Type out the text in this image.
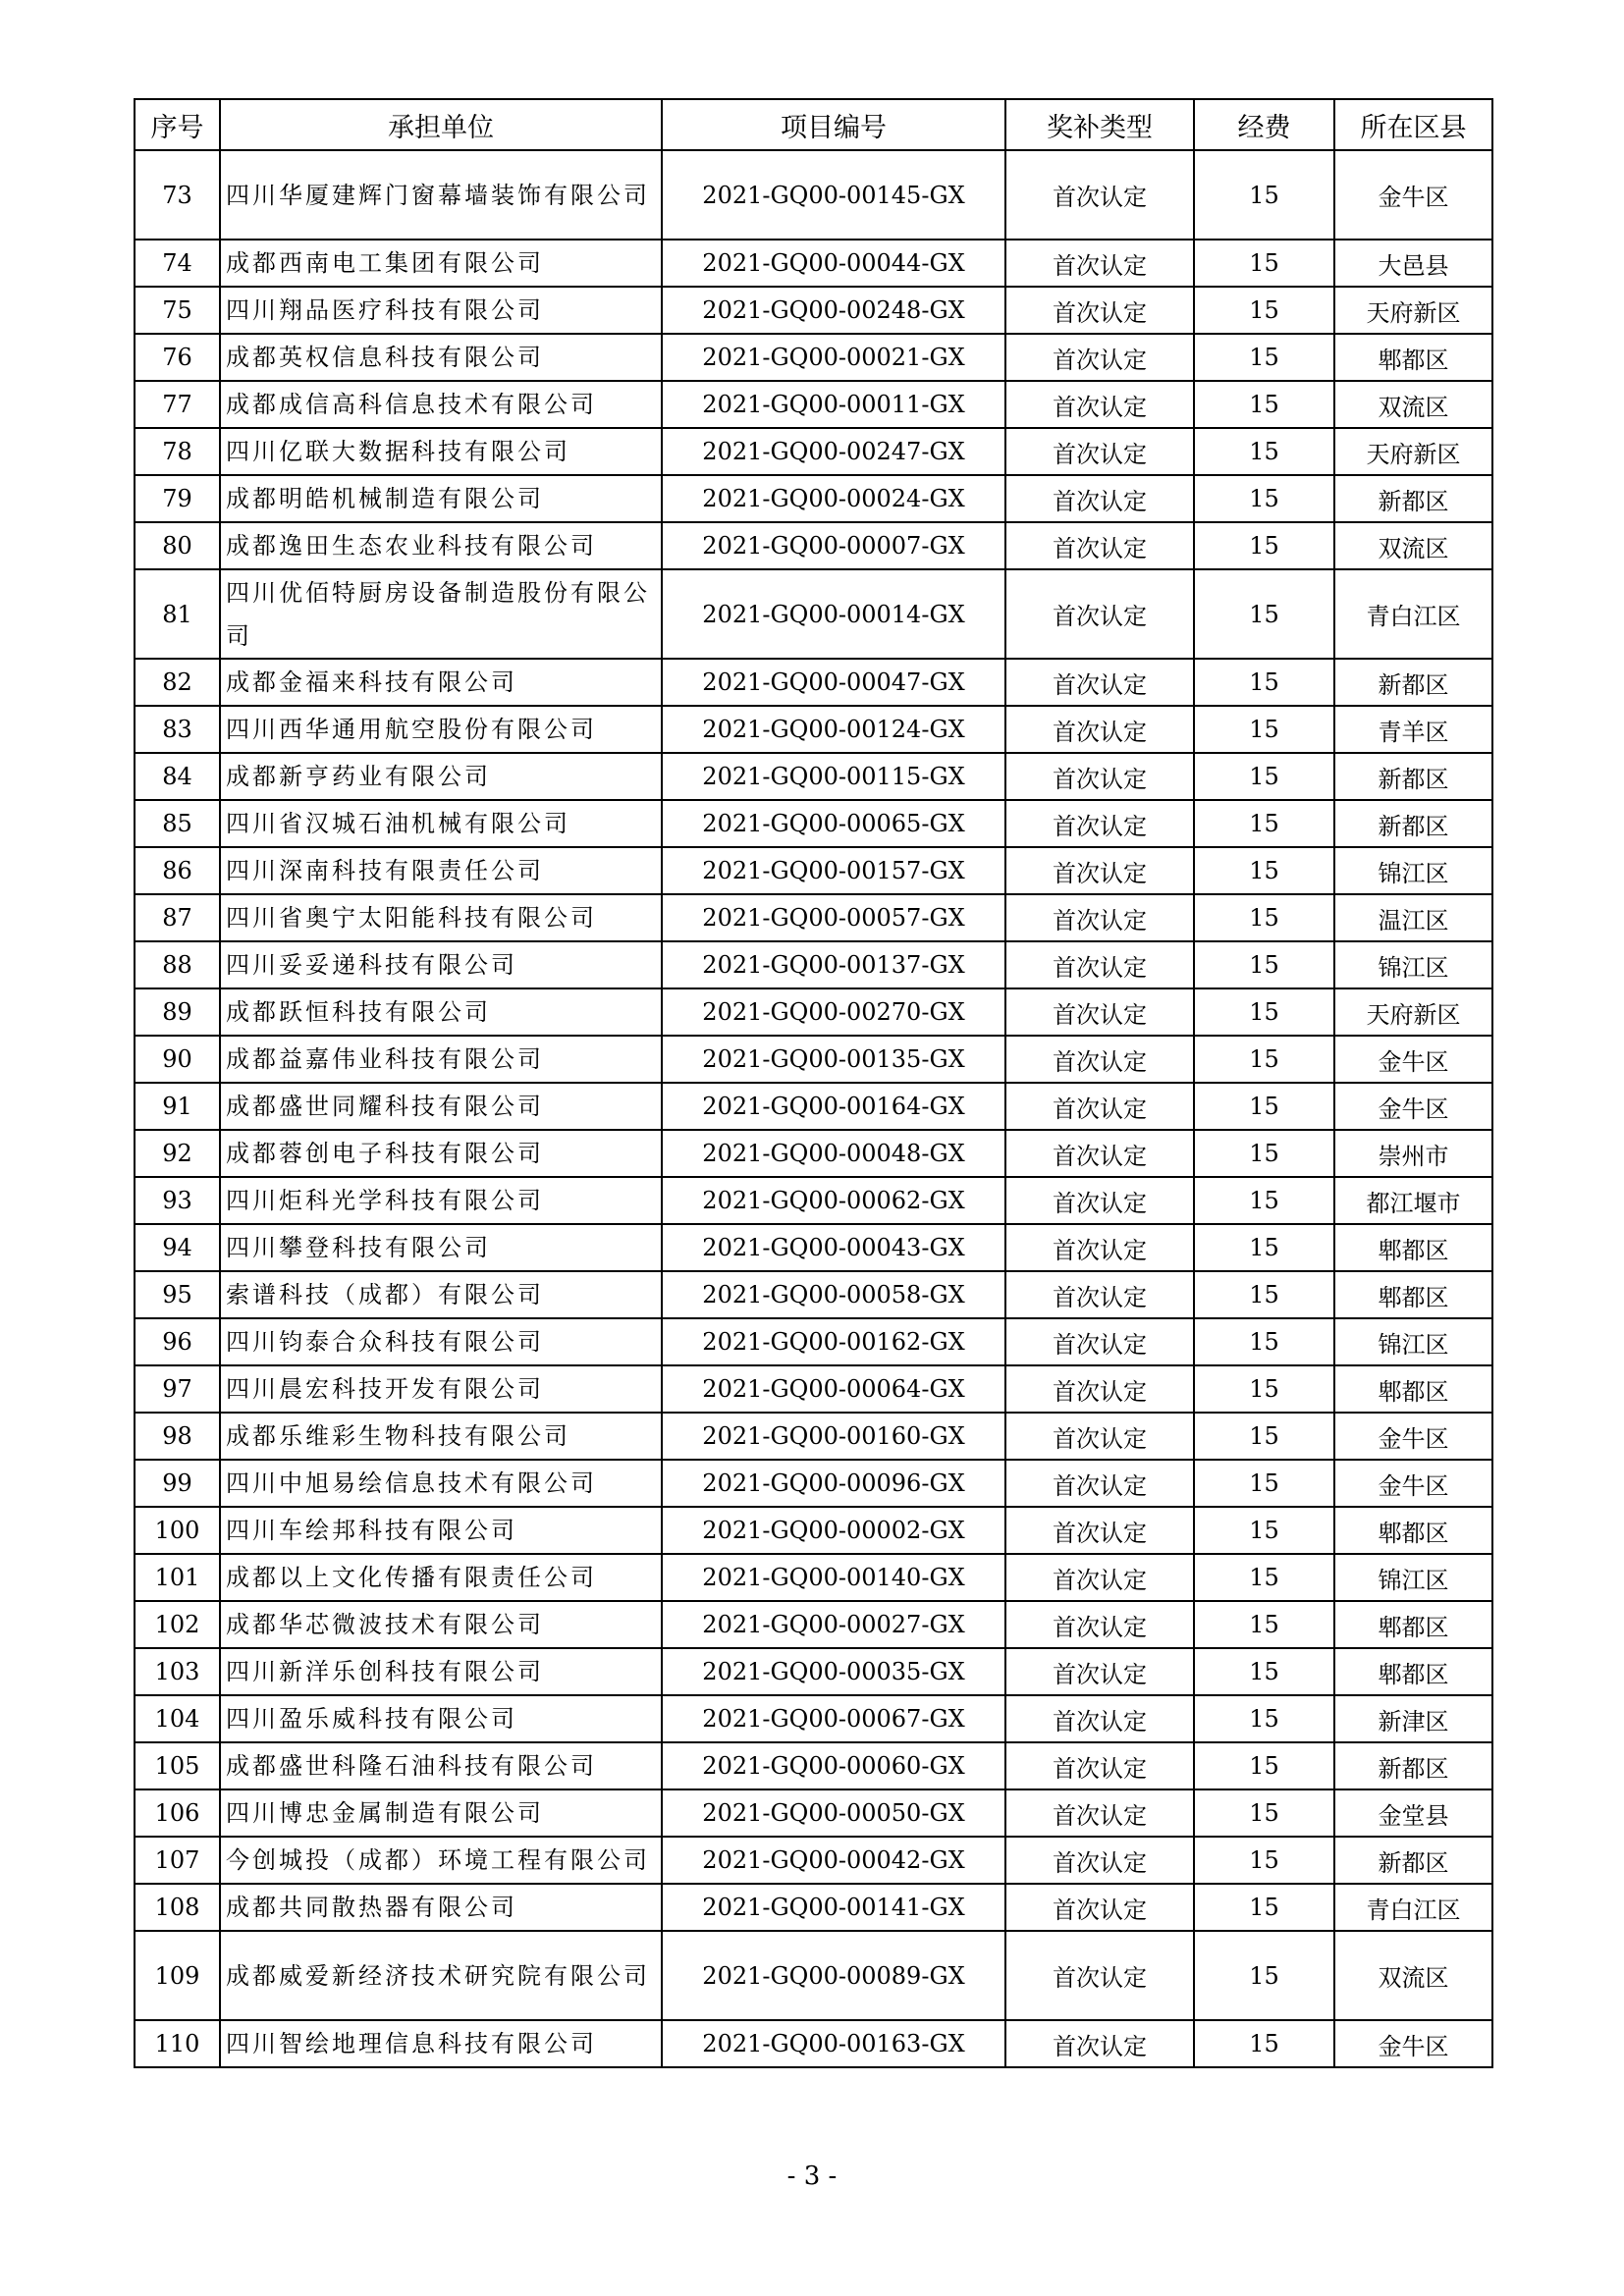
序号	承担单位	项目编号	奖补类型	经费	所在区县
73	四川华厦建辉门窗幕墙装饰有限公司	2021-GQ00-00145-GX	首次认定	15	金牛区
74	成都西南电工集团有限公司	2021-GQ00-00044-GX	首次认定	15	大邑县
75	四川翔品医疗科技有限公司	2021-GQ00-00248-GX	首次认定	15	天府新区
76	成都英权信息科技有限公司	2021-GQ00-00021-GX	首次认定	15	郫都区
77	成都成信高科信息技术有限公司	2021-GQ00-00011-GX	首次认定	15	双流区
78	四川亿联大数据科技有限公司	2021-GQ00-00247-GX	首次认定	15	天府新区
79	成都明皓机械制造有限公司	2021-GQ00-00024-GX	首次认定	15	新都区
80	成都逸田生态农业科技有限公司	2021-GQ00-00007-GX	首次认定	15	双流区
81	四川优佰特厨房设备制造股份有限公司	2021-GQ00-00014-GX	首次认定	15	青白江区
82	成都金福来科技有限公司	2021-GQ00-00047-GX	首次认定	15	新都区
83	四川西华通用航空股份有限公司	2021-GQ00-00124-GX	首次认定	15	青羊区
84	成都新亨药业有限公司	2021-GQ00-00115-GX	首次认定	15	新都区
85	四川省汉城石油机械有限公司	2021-GQ00-00065-GX	首次认定	15	新都区
86	四川深南科技有限责任公司	2021-GQ00-00157-GX	首次认定	15	锦江区
87	四川省奥宁太阳能科技有限公司	2021-GQ00-00057-GX	首次认定	15	温江区
88	四川妥妥递科技有限公司	2021-GQ00-00137-GX	首次认定	15	锦江区
89	成都跃恒科技有限公司	2021-GQ00-00270-GX	首次认定	15	天府新区
90	成都益嘉伟业科技有限公司	2021-GQ00-00135-GX	首次认定	15	金牛区
91	成都盛世同耀科技有限公司	2021-GQ00-00164-GX	首次认定	15	金牛区
92	成都蓉创电子科技有限公司	2021-GQ00-00048-GX	首次认定	15	崇州市
93	四川炬科光学科技有限公司	2021-GQ00-00062-GX	首次认定	15	都江堰市
94	四川攀登科技有限公司	2021-GQ00-00043-GX	首次认定	15	郫都区
95	索谱科技（成都）有限公司	2021-GQ00-00058-GX	首次认定	15	郫都区
96	四川钧泰合众科技有限公司	2021-GQ00-00162-GX	首次认定	15	锦江区
97	四川晨宏科技开发有限公司	2021-GQ00-00064-GX	首次认定	15	郫都区
98	成都乐维彩生物科技有限公司	2021-GQ00-00160-GX	首次认定	15	金牛区
99	四川中旭易绘信息技术有限公司	2021-GQ00-00096-GX	首次认定	15	金牛区
100	四川车绘邦科技有限公司	2021-GQ00-00002-GX	首次认定	15	郫都区
101	成都以上文化传播有限责任公司	2021-GQ00-00140-GX	首次认定	15	锦江区
102	成都华芯微波技术有限公司	2021-GQ00-00027-GX	首次认定	15	郫都区
103	四川新洋乐创科技有限公司	2021-GQ00-00035-GX	首次认定	15	郫都区
104	四川盈乐威科技有限公司	2021-GQ00-00067-GX	首次认定	15	新津区
105	成都盛世科隆石油科技有限公司	2021-GQ00-00060-GX	首次认定	15	新都区
106	四川博忠金属制造有限公司	2021-GQ00-00050-GX	首次认定	15	金堂县
107	今创城投（成都）环境工程有限公司	2021-GQ00-00042-GX	首次认定	15	新都区
108	成都共同散热器有限公司	2021-GQ00-00141-GX	首次认定	15	青白江区
109	成都威爱新经济技术研究院有限公司	2021-GQ00-00089-GX	首次认定	15	双流区
110	四川智绘地理信息科技有限公司	2021-GQ00-00163-GX	首次认定	15	金牛区
- 3 -
